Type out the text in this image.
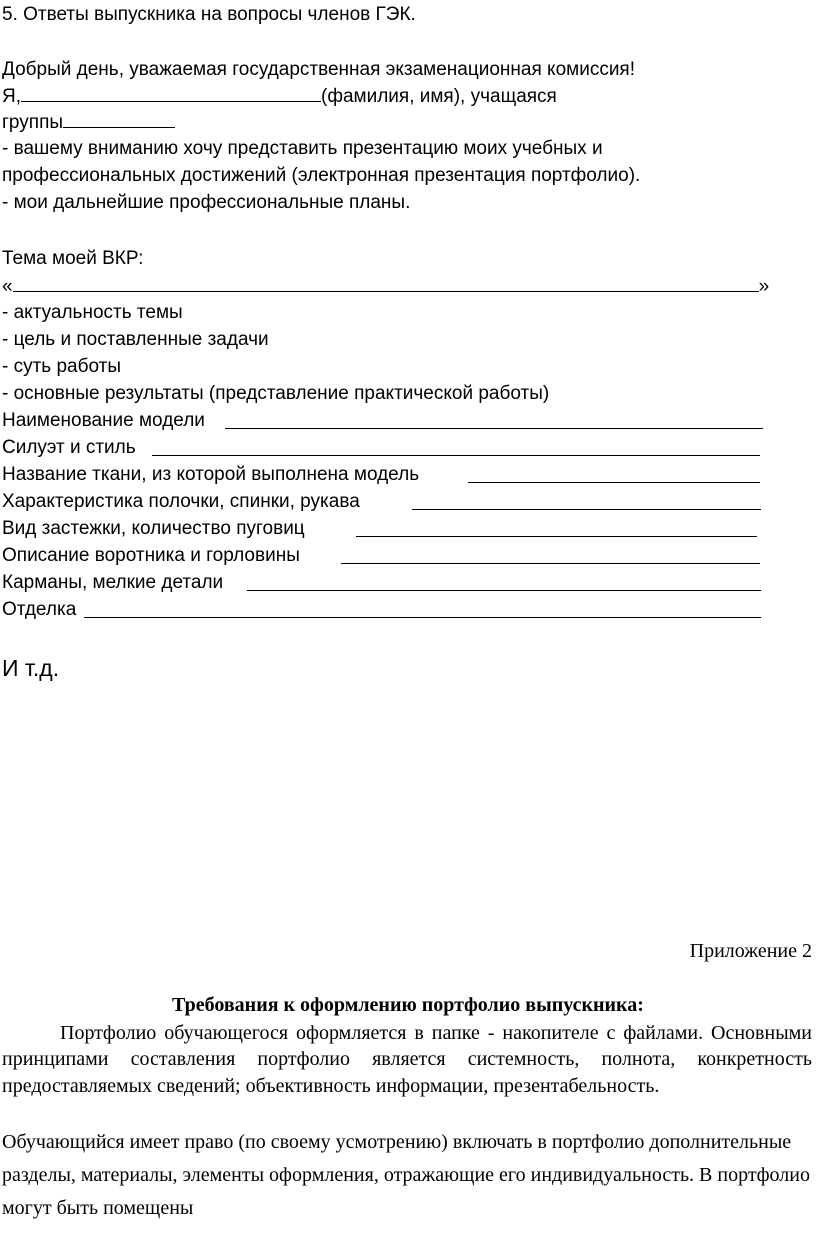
5. Ответы выпускника на вопросы членов ГЭК.
Добрый день, уважаемая государственная экзаменационная комиссия!
Я,	(фамилия, имя), учащаяся
группы
- вашему вниманию хочу представить презентацию моих учебных и
профессиональных достижений (электронная презентация портфолио).
- мои дальнейшие профессиональные планы.
Тема моей ВКР:
«	»
- актуальность темы
- цель и поставленные задачи
- суть работы
- основные результаты (представление практической работы)
Наименование модели
Силуэт и стиль
Название ткани, из которой выполнена модель
Характеристика полочки, спинки, рукава
Вид застежки, количество пуговиц
Описание воротника и горловины
Карманы, мелкие детали
Отделка
И т.д.
Приложение 2
Требования к оформлению портфолио выпускника:
Портфолио обучающегося оформляется в папке - накопителе с файлами. Основными принципами составления портфолио является системность, полнота, конкретность предоставляемых сведений; объективность информации, презентабельность.
Обучающийся имеет право (по своему усмотрению) включать в портфолио дополнительные разделы, материалы, элементы оформления, отражающие его индивидуальность. В портфолио могут быть помещены
